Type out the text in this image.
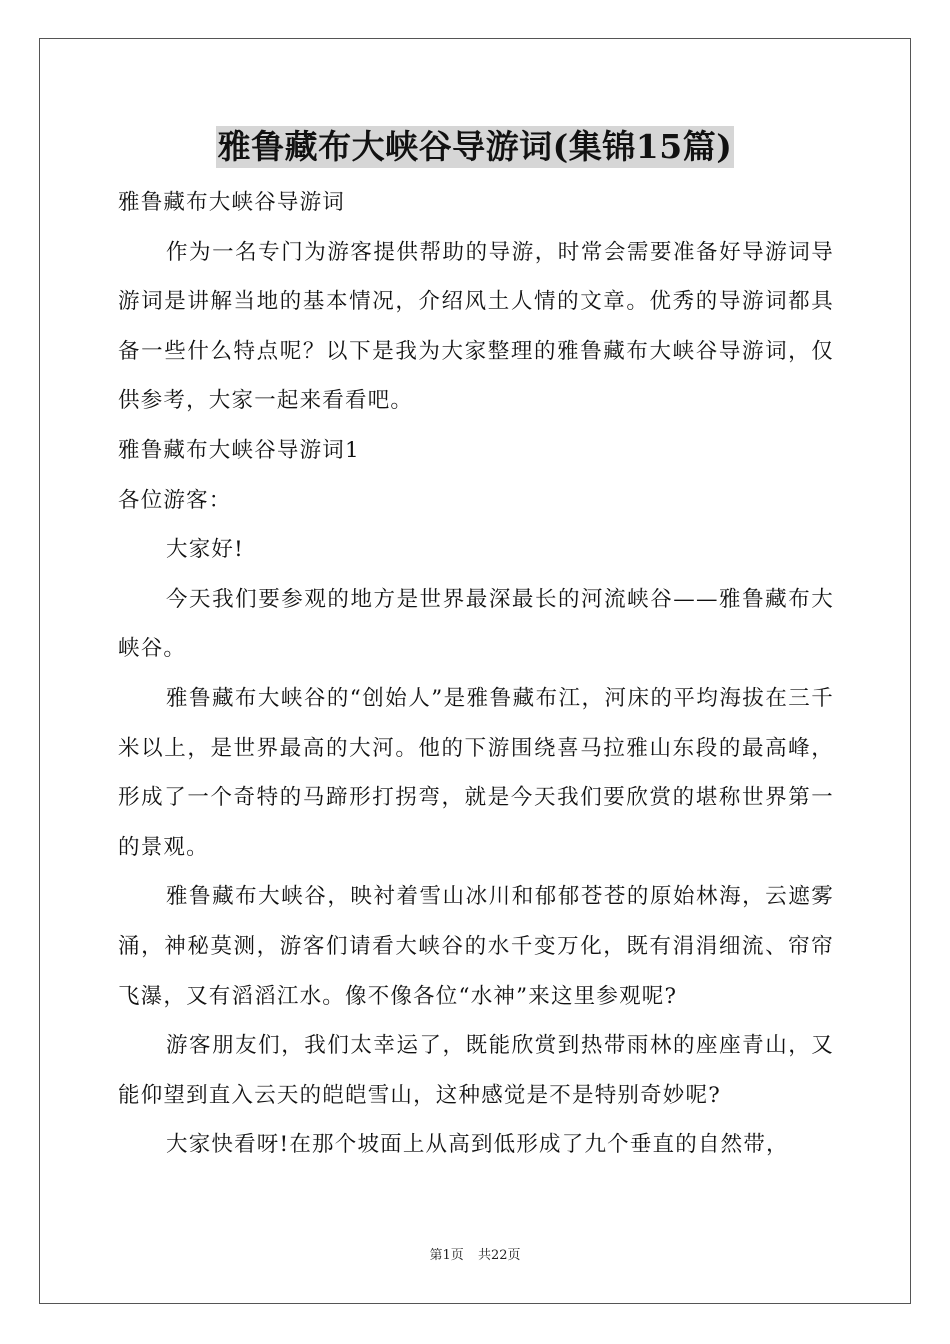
雅鲁藏布大峡谷导游词(集锦15篇)

雅鲁藏布大峡谷导游词

作为一名专门为游客提供帮助的导游，时常会需要准备好导游词导游词是讲解当地的基本情况，介绍风土人情的文章。优秀的导游词都具备一些什么特点呢？以下是我为大家整理的雅鲁藏布大峡谷导游词，仅供参考，大家一起来看看吧。

雅鲁藏布大峡谷导游词1

各位游客：

大家好!

今天我们要参观的地方是世界最深最长的河流峡谷——雅鲁藏布大峡谷。

雅鲁藏布大峡谷的“创始人”是雅鲁藏布江，河床的平均海拔在三千米以上，是世界最高的大河。他的下游围绕喜马拉雅山东段的最高峰，形成了一个奇特的马蹄形打拐弯，就是今天我们要欣赏的堪称世界第一的景观。

雅鲁藏布大峡谷，映衬着雪山冰川和郁郁苍苍的原始林海，云遮雾涌，神秘莫测，游客们请看大峡谷的水千变万化，既有涓涓细流、帘帘飞瀑，又有滔滔江水。像不像各位“水神”来这里参观呢?

游客朋友们，我们太幸运了，既能欣赏到热带雨林的座座青山，又能仰望到直入云天的皑皑雪山，这种感觉是不是特别奇妙呢?

大家快看呀!在那个坡面上从高到低形成了九个垂直的自然带，

第1页 共22页
